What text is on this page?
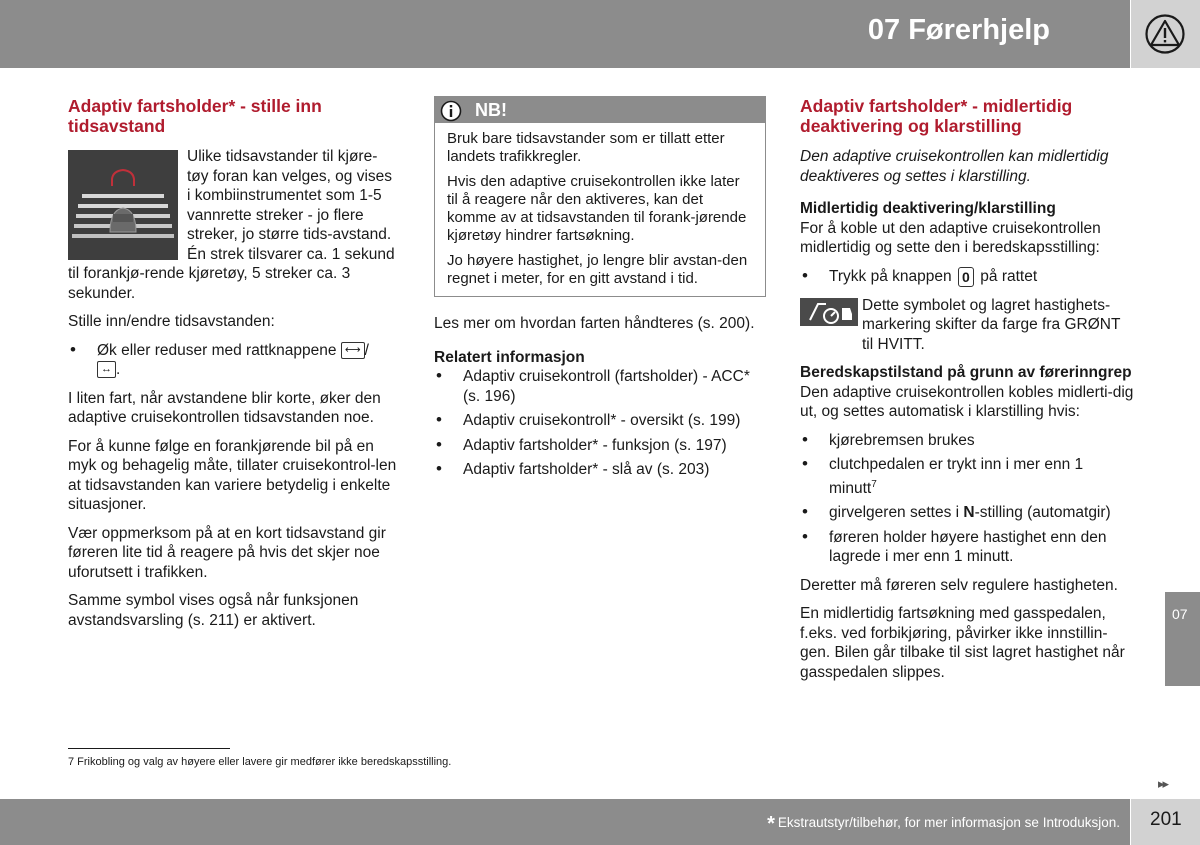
07 Førerhjelp
Adaptiv fartsholder* - stille inn tidsavstand

Ulike tidsavstander til kjøre-tøy foran kan velges, og vises i kombiinstrumentet som 1-5 vannrette streker - jo flere streker, jo større tids-avstand. Én strek tilsvarer ca. 1 sekund til forankjø-rende kjøretøy, 5 streker ca. 3 sekunder.

Stille inn/endre tidsavstanden:

• Øk eller reduser med rattknappene ⟷ /
↔ .

I liten fart, når avstandene blir korte, øker den adaptive cruisekontrollen tidsavstanden noe.

For å kunne følge en forankjørende bil på en myk og behagelig måte, tillater cruisekontrol-len at tidsavstanden kan variere betydelig i enkelte situasjoner.

Vær oppmerksom på at en kort tidsavstand gir føreren lite tid å reagere på hvis det skjer noe uforutsett i trafikken.

Samme symbol vises også når funksjonen avstandsvarsling (s. 211) er aktivert.

NB!

Bruk bare tidsavstander som er tillatt etter landets trafikkregler.

Hvis den adaptive cruisekontrollen ikke later til å reagere når den aktiveres, kan det komme av at tidsavstanden til forank-jørende kjøretøy hindrer fartsøkning.

Jo høyere hastighet, jo lengre blir avstan-den regnet i meter, for en gitt avstand i tid.

Les mer om hvordan farten håndteres (s. 200).

Relatert informasjon
• Adaptiv cruisekontroll (fartsholder) - ACC* (s. 196)
• Adaptiv cruisekontroll* - oversikt (s. 199)
• Adaptiv fartsholder* - funksjon (s. 197)
• Adaptiv fartsholder* - slå av (s. 203)
Adaptiv fartsholder* - midlertidig deaktivering og klarstilling

Den adaptive cruisekontrollen kan midlertidig deaktiveres og settes i klarstilling.

Midlertidig deaktivering/klarstilling

For å koble ut den adaptive cruisekontrollen midlertidig og sette den i beredskapsstilling:

• Trykk på knappen 0 på rattet
Dette symbolet og lagret hastighets-markering skifter da farge fra GRØNT til HVITT.
Beredskapstilstand på grunn av førerinngrep

Den adaptive cruisekontrollen kobles midlerti-dig ut, og settes automatisk i klarstilling hvis:

• kjørebremsen brukes
• clutchpedalen er trykt inn i mer enn 1 minutt$^7$
• girvelgeren settes i N-stilling (automatgir)
• føreren holder høyere hastighet enn den lagrede i mer enn 1 minutt.

Deretter må føreren selv regulere hastigheten.

En midlertidig fartsøkning med gasspedalen, f.eks. ved forbikjøring, påvirker ikke innstillin-gen. Bilen går tilbake til sist lagret hastighet når gasspedalen slippes.

07
7 Frikobling og valg av høyere eller lavere gir medfører ikke beredskapsstilling.
▸▸
* Ekstrautstyr/tilbehør, for mer informasjon se Introduksjon. 201
